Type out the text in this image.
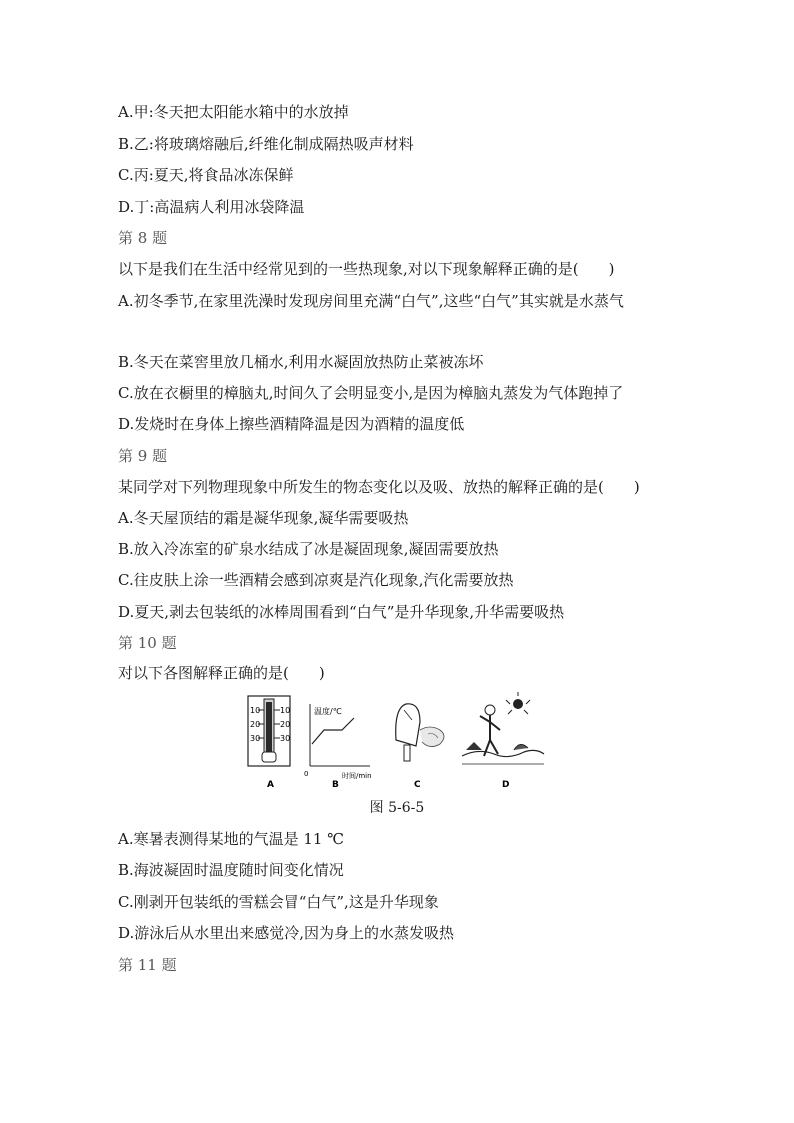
A.甲:冬天把太阳能水箱中的水放掉
B.乙:将玻璃熔融后,纤维化制成隔热吸声材料
C.丙:夏天,将食品冰冻保鲜
D.丁:高温病人利用冰袋降温
第 8 题
以下是我们在生活中经常见到的一些热现象,对以下现象解释正确的是(　　)
A.初冬季节,在家里洗澡时发现房间里充满“白气”,这些“白气”其实就是水蒸气
B.冬天在菜窖里放几桶水,利用水凝固放热防止菜被冻坏
C.放在衣橱里的樟脑丸,时间久了会明显变小,是因为樟脑丸蒸发为气体跑掉了
D.发烧时在身体上擦些酒精降温是因为酒精的温度低
第 9 题
某同学对下列物理现象中所发生的物态变化以及吸、放热的解释正确的是(　　)
A.冬天屋顶结的霜是凝华现象,凝华需要吸热
B.放入冷冻室的矿泉水结成了冰是凝固现象,凝固需要放热
C.往皮肤上涂一些酒精会感到凉爽是汽化现象,汽化需要放热
D.夏天,剥去包装纸的冰棒周围看到“白气”是升华现象,升华需要吸热
第 10 题
对以下各图解释正确的是(　　)
10
20
30
10
20
30
A
温度/℃
0	时间/min
B	C	D
图 5-6-5
A.寒暑表测得某地的气温是 11 ℃
B.海波凝固时温度随时间变化情况
C.刚剥开包装纸的雪糕会冒“白气”,这是升华现象
D.游泳后从水里出来感觉冷,因为身上的水蒸发吸热
第 11 题
